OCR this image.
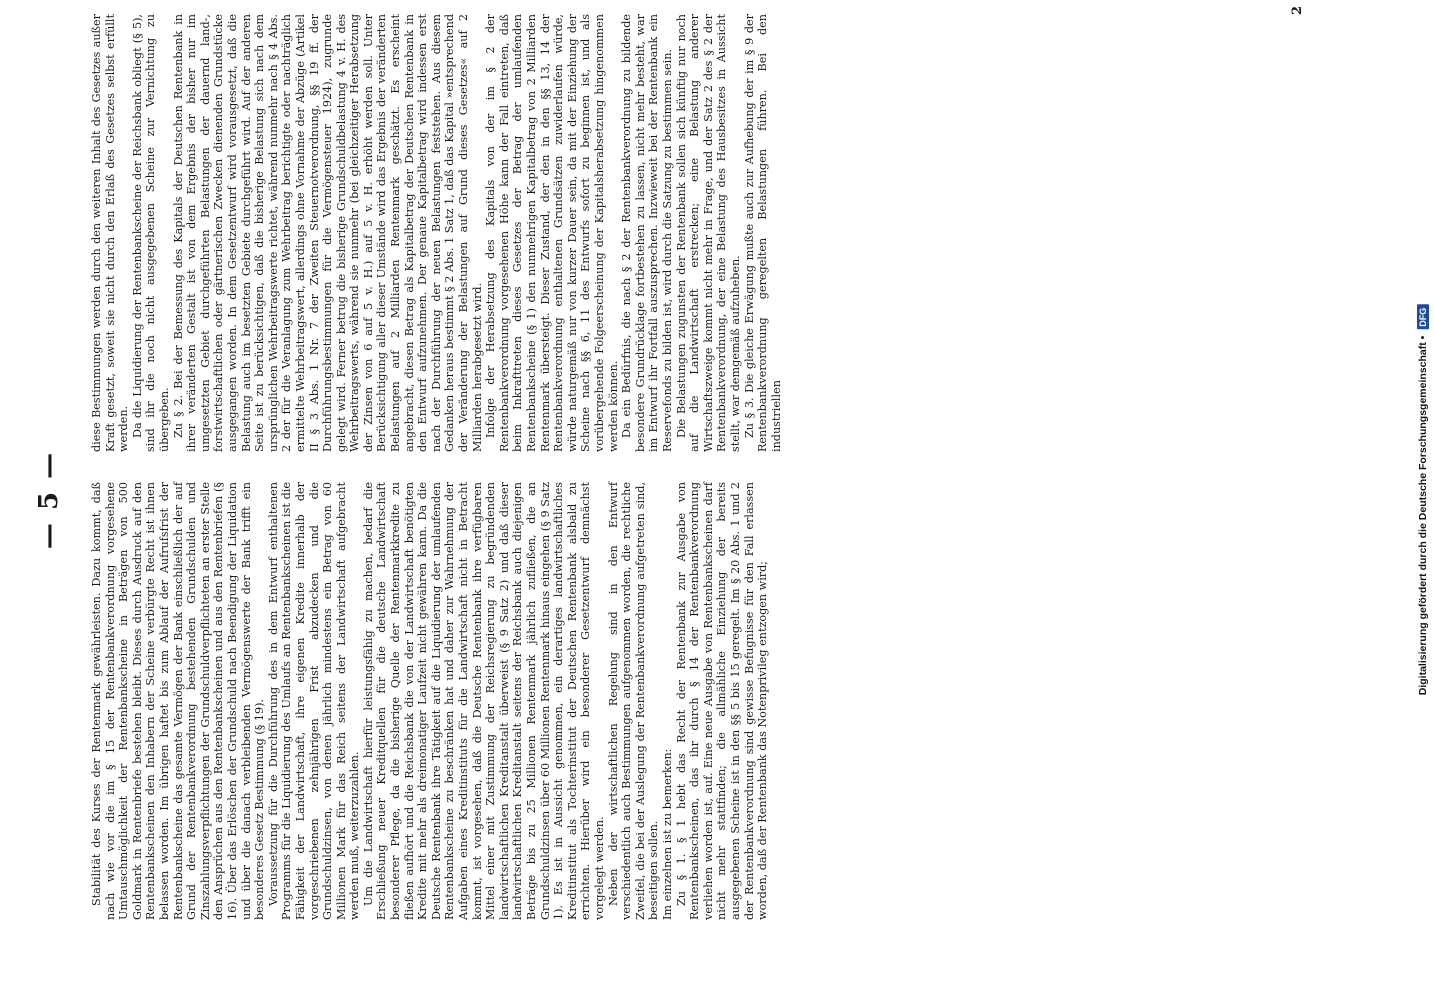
— 5 — Stabilität des Kurses der Rentenmark gewährleisten. Dazu kommt, daß nach wie vor die im § 15 der Rentenbankverordnung vorgesehene Umtauschmöglichkeit der Rentenbankscheine in Beträgen von 500 Goldmark in Rentenbriefe bestehen bleibt. Dieses durch Ausdruck auf den Rentenbankscheinen den Inhabern der Scheine verbürgte Recht ist ihnen belassen worden. Im übrigen haftet bis zum Ablauf der Aufrufsfrist der Rentenbankscheine das gesamte Vermögen der Bank einschließlich der auf Grund der Rentenbankverordnung bestehenden Grundschulden und Zinszahlungsverpflichtungen der Grundschuldverpflichteten an erster Stelle den Ansprüchen aus den Rentenbankscheinen und aus den Rentenbriefen (§ 16). Über das Erlöschen der Grundschuld nach Beendigung der Liquidation und über die danach verbleibenden Vermögenswerte der Bank trifft ein besonderes Gesetz Bestimmung (§ 19). Voraussetzung für die Durchführung des in dem Entwurf enthaltenen Programms für die Liquidierung des Umlaufs an Rentenbankscheinen ist die Fähigkeit der Landwirtschaft, ihre eigenen Kredite innerhalb der vorgeschriebenen zehnjährigen Frist abzudecken und die Grundschuldzinsen, von denen jährlich mindestens ein Betrag von 60 Millionen Mark für das Reich seitens der Landwirtschaft aufgebracht werden muß, weiterzuzahlen. Um die Landwirtschaft hierfür leistungsfähig zu machen, bedarf die Erschließung neuer Kreditquellen für die deutsche Landwirtschaft besonderer Pflege, da die bisherige Quelle der Rentenmarkkredite zu fließen aufhört und die Reichsbank die von der Landwirtschaft benötigten Kredite mit mehr als dreimonatiger Laufzeit nicht gewähren kann. Da die Deutsche Rentenbank ihre Tätigkeit auf die Liquidierung der umlaufenden Rentenbankscheine zu beschränken hat und daher zur Wahrnehmung der Aufgaben eines Kreditinstituts für die Landwirtschaft nicht in Betracht kommt, ist vorgesehen, daß die Deutsche Rentenbank ihre verfügbaren Mittel einer mit Zustimmung der Reichsregierung zu begründenden landwirtschaftlichen Kreditanstalt überweist (§ 9 Satz 2) und daß dieser landwirtschaftlichen Kreditanstalt seitens der Reichsbank auch diejenigen Beträge bis zu 25 Millionen Rentenmark jährlich zufließen, die an Grundschuldzinsen über 60 Millionen Rentenmark hinaus eingehen (§ 9 Satz 1). Es ist in Aussicht genommen, ein derartiges landwirtschaftliches Kreditinstitut als Tochterinstitut der Deutschen Rentenbank alsbald zu errichten. Hierüber wird ein besonderer Gesetzentwurf demnächst vorgelegt werden. Neben der wirtschaftlichen Regelung sind in den Entwurf verschiedentlich auch Bestimmungen aufgenommen worden, die rechtliche Zweifel, die bei der Auslegung der Rentenbankverordnung aufgetreten sind, beseitigen sollen. Im einzelnen ist zu bemerken: Zu § 1. § 1 hebt das Recht der Rentenbank zur Ausgabe von Rentenbankscheinen, das ihr durch § 14 der Rentenbankverordnung verliehen worden ist, auf. Eine neue Ausgabe von Rentenbankscheinen darf nicht mehr stattfinden; die allmähliche Einziehung der bereits ausgegebenen Scheine ist in den §§ 5 bis 15 geregelt. Im § 20 Abs. 1 und 2 der Rentenbankverordnung sind gewisse Befugnisse für den Fall erlassen worden, daß der Rentenbank das Notenprivileg entzogen wird;

diese Bestimmungen werden durch den weiteren Inhalt des Gesetzes außer Kraft gesetzt, soweit sie nicht durch den Erlaß des Gesetzes selbst erfüllt werden. Da die Liquidierung der Rentenbankscheine der Reichsbank obliegt (§ 5), sind ihr die noch nicht ausgegebenen Scheine zur Vernichtung zu übergeben. Zu § 2. Bei der Bemessung des Kapitals der Deutschen Rentenbank in ihrer veränderten Gestalt ist von dem Ergebnis der bisher nur im umgesetzten Gebiet durchgeführten Belastungen der dauernd land-, forstwirtschaftlichen oder gärtnerischen Zwecken dienenden Grundstücke ausgegangen worden. In dem Gesetzentwurf wird vorausgesetzt, daß die Belastung auch im besetzten Gebiete durchgeführt wird. Auf der anderen Seite ist zu berücksichtigen, daß die bisherige Belastung sich nach dem ursprünglichen Wehrbeitragswerte richtet, während nunmehr nach § 4 Abs. 2 der für die Veranlagung zum Wehrbeitrag berichtigte oder nachträglich ermittelte Wehrbeitragswert, allerdings ohne Vornahme der Abzüge (Artikel II § 3 Abs. 1 Nr. 7 der Zweiten Steuernotverordnung, §§ 19 ff. der Durchführungsbestimmungen für die Vermögensteuer 1924), zugrunde gelegt wird. Ferner betrug die bisherige Grundschuldbelastung 4 v. H. des Wehrbeitragswerts, während sie nunmehr (bei gleichzeitiger Herabsetzung der Zinsen von 6 auf 5 v. H.) auf 5 v. H. erhöht werden soll. Unter Berücksichtigung aller dieser Umstände wird das Ergebnis der veränderten Belastungen auf 2 Milliarden Rentenmark geschätzt. Es erscheint angebracht, diesen Betrag als Kapitalbetrag der Deutschen Rentenbank in den Entwurf aufzunehmen. Der genaue Kapitalbetrag wird indessen erst nach der Durchführung der neuen Belastungen feststehen. Aus diesem Gedanken heraus bestimmt § 2 Abs. 1 Satz 1, daß das Kapital »entsprechend der Veränderung der Belastungen auf Grund dieses Gesetzes« auf 2 Milliarden herabgesetzt wird. Infolge der Herabsetzung des Kapitals von der im § 2 der Rentenbankverordnung vorgesehenen Höhe kann der Fall eintreten, daß beim Inkrafttreten dieses Gesetzes der Betrag der umlaufenden Rentenbankscheine (§ 1) den nunmehrigen Kapitalbetrag von 2 Milliarden Rentenmark übersteigt. Dieser Zustand, der den in den §§ 13, 14 der Rentenbankverordnung enthaltenen Grundsätzen zuwiderlaufen würde, würde naturgemäß nur von kurzer Dauer sein, da mit der Einziehung der Scheine nach §§ 6, 11 des Entwurfs sofort zu beginnen ist, und als vorübergehende Folgeerscheinung der Kapitalsherabsetzung hingenommen werden können. Da ein Bedürfnis, die nach § 2 der Rentenbankverordnung zu bildende besondere Grundrücklage fortbestehen zu lassen, nicht mehr besteht, war im Entwurf ihr Fortfall auszusprechen. Inzwieweit bei der Rentenbank ein Reservefonds zu bilden ist, wird durch die Satzung zu bestimmen sein. Die Belastungen zugunsten der Rentenbank sollen sich künftig nur noch auf die Landwirtschaft erstrecken; eine Belastung anderer Wirtschaftszweige kommt nicht mehr in Frage, und der Satz 2 des § 2 der Rentenbankverordnung, der eine Belastung des Hausbesitzes in Aussicht stellt, war demgemäß aufzuheben. Zu § 3. Die gleiche Erwägung mußte auch zur Aufhebung der im § 9 der Rentenbankverordnung geregelten Belastungen führen. Bei den industriellen

2
Digitalisierung gefördert durch die Deutsche Forschungsgemeinschaft • DFG
